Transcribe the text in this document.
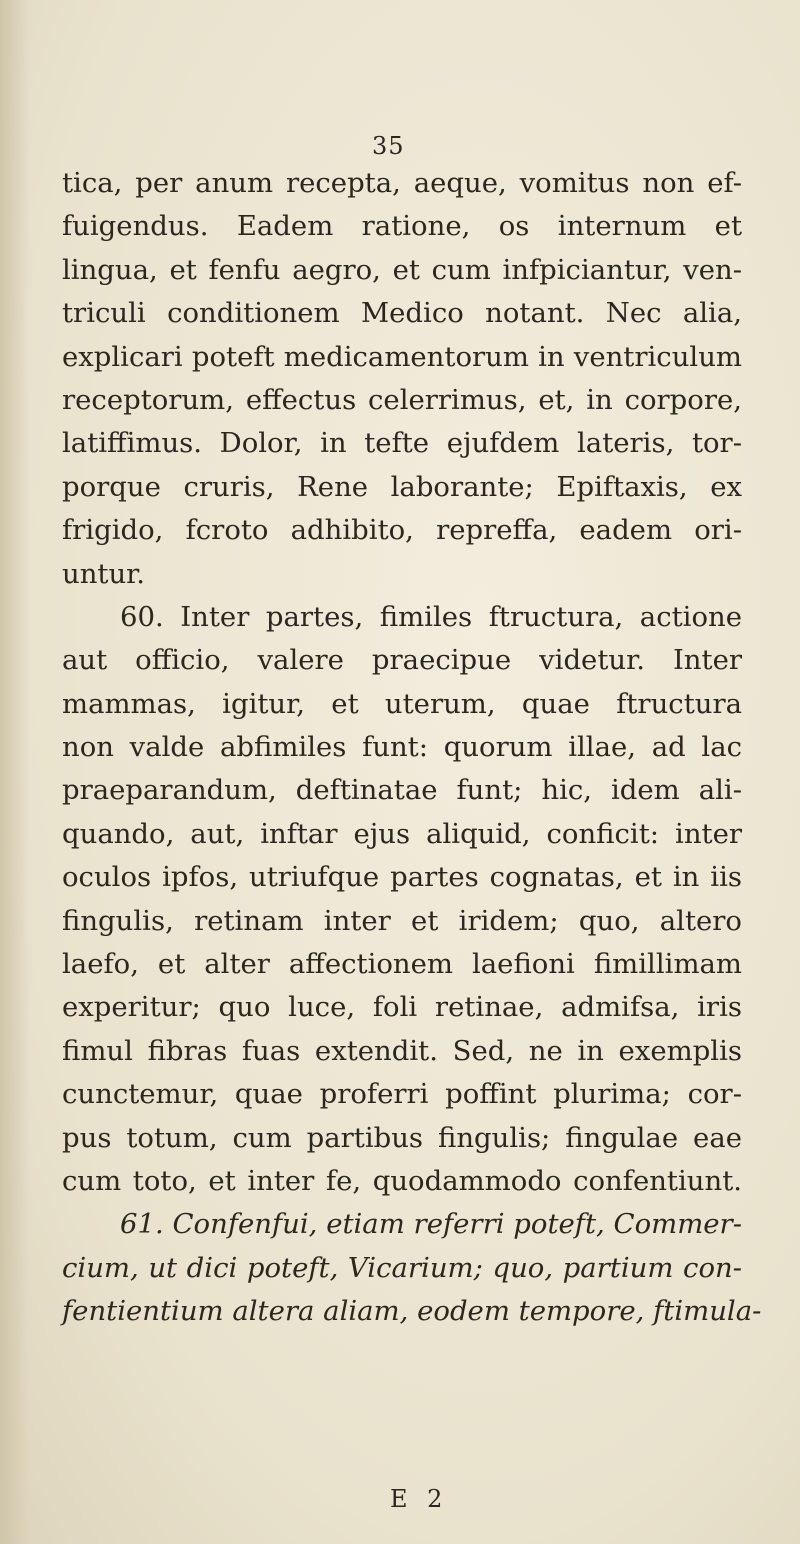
35
tica, per anum recepta, aeque, vomitus non ef-
fuigendus. Eadem ratione, os internum et
lingua, et fenfu aegro, et cum infpiciantur, ven-
triculi conditionem Medico notant. Nec alia,
explicari poteft medicamentorum in ventriculum
receptorum, effectus celerrimus, et, in corpore,
latiffimus. Dolor, in tefte ejufdem lateris, tor-
porque cruris, Rene laborante; Epiftaxis, ex
frigido, fcroto adhibito, repreffa, eadem ori-
untur.
60. Inter partes, fimiles ftructura, actione
aut officio, valere praecipue videtur. Inter
mammas, igitur, et uterum, quae ftructura
non valde abfimiles funt: quorum illae, ad lac
praeparandum, deftinatae funt; hic, idem ali-
quando, aut, inftar ejus aliquid, conficit: inter
oculos ipfos, utriufque partes cognatas, et in iis
fingulis, retinam inter et iridem; quo, altero
laefo, et alter affectionem laefioni fimillimam
experitur; quo luce, foli retinae, admifsa, iris
fimul fibras fuas extendit. Sed, ne in exemplis
cunctemur, quae proferri poffint plurima; cor-
pus totum, cum partibus fingulis; fingulae eae
cum toto, et inter fe, quodammodo confentiunt.
61. Confenfui, etiam referri poteft, Commer-
cium, ut dici poteft, Vicarium; quo, partium con-
fentientium altera aliam, eodem tempore, ftimula-
E 2
